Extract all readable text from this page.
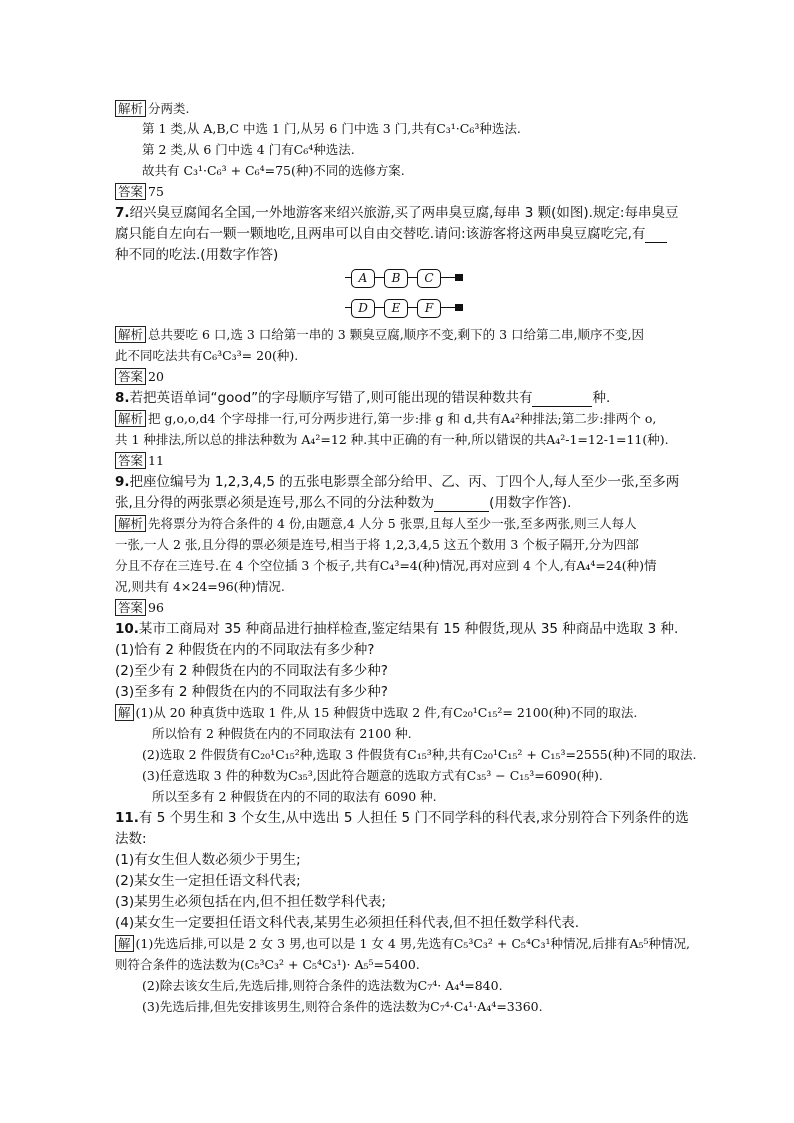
解析 分两类.
第 1 类,从 A,B,C 中选 1 门,从另 6 门中选 3 门,共有C₃¹·C₆³种选法.
第 2 类,从 6 门中选 4 门有C₆⁴种选法.
故共有 C₃¹·C₆³ + C₆⁴=75(种)不同的选修方案.
答案 75
7.绍兴臭豆腐闻名全国,一外地游客来绍兴旅游,买了两串臭豆腐,每串 3 颗(如图).规定:每串臭豆
腐只能自左向右一颗一颗地吃,且两串可以自由交替吃.请问:该游客将这两串臭豆腐吃完,有
种不同的吃法.(用数字作答)
A	B	C
D	E	F
解析 总共要吃 6 口,选 3 口给第一串的 3 颗臭豆腐,顺序不变,剩下的 3 口给第二串,顺序不变,因
此不同吃法共有C₆³C₃³= 20(种).
答案 20
8.若把英语单词“good”的字母顺序写错了,则可能出现的错误种数共有	种.
解析 把 g,o,o,d4 个字母排一行,可分两步进行,第一步:排 g 和 d,共有A₄²种排法;第二步:排两个 o,
共 1 种排法,所以总的排法种数为 A₄²=12 种.其中正确的有一种,所以错误的共A₄²-1=12-1=11(种).
答案 11
9.把座位编号为 1,2,3,4,5 的五张电影票全部分给甲、乙、丙、丁四个人,每人至少一张,至多两
张,且分得的两张票必须是连号,那么不同的分法种数为	(用数字作答).
解析 先将票分为符合条件的 4 份,由题意,4 人分 5 张票,且每人至少一张,至多两张,则三人每人
一张,一人 2 张,且分得的票必须是连号,相当于将 1,2,3,4,5 这五个数用 3 个板子隔开,分为四部
分且不存在三连号.在 4 个空位插 3 个板子,共有C₄³=4(种)情况,再对应到 4 个人,有A₄⁴=24(种)情
况,则共有 4×24=96(种)情况.
答案 96
10.某市工商局对 35 种商品进行抽样检查,鉴定结果有 15 种假货,现从 35 种商品中选取 3 种.
(1)恰有 2 种假货在内的不同取法有多少种?
(2)至少有 2 种假货在内的不同取法有多少种?
(3)至多有 2 种假货在内的不同取法有多少种?
解 (1)从 20 种真货中选取 1 件,从 15 种假货中选取 2 件,有C₂₀¹C₁₅²= 2100(种)不同的取法.
所以恰有 2 种假货在内的不同取法有 2100 种.
(2)选取 2 件假货有C₂₀¹C₁₅²种,选取 3 件假货有C₁₅³种,共有C₂₀¹C₁₅² + C₁₅³=2555(种)不同的取法.
(3)任意选取 3 件的种数为C₃₅³,因此符合题意的选取方式有C₃₅³ − C₁₅³=6090(种).
所以至多有 2 种假货在内的不同的取法有 6090 种.
11.有 5 个男生和 3 个女生,从中选出 5 人担任 5 门不同学科的科代表,求分别符合下列条件的选
法数:
(1)有女生但人数必须少于男生;
(2)某女生一定担任语文科代表;
(3)某男生必须包括在内,但不担任数学科代表;
(4)某女生一定要担任语文科代表,某男生必须担任科代表,但不担任数学科代表.
解 (1)先选后排,可以是 2 女 3 男,也可以是 1 女 4 男,先选有C₅³C₃² + C₅⁴C₃¹种情况,后排有A₅⁵种情况,
则符合条件的选法数为(C₅³C₃² + C₅⁴C₃¹)· A₅⁵=5400.
(2)除去该女生后,先选后排,则符合条件的选法数为C₇⁴· A₄⁴=840.
(3)先选后排,但先安排该男生,则符合条件的选法数为C₇⁴·C₄¹·A₄⁴=3360.
